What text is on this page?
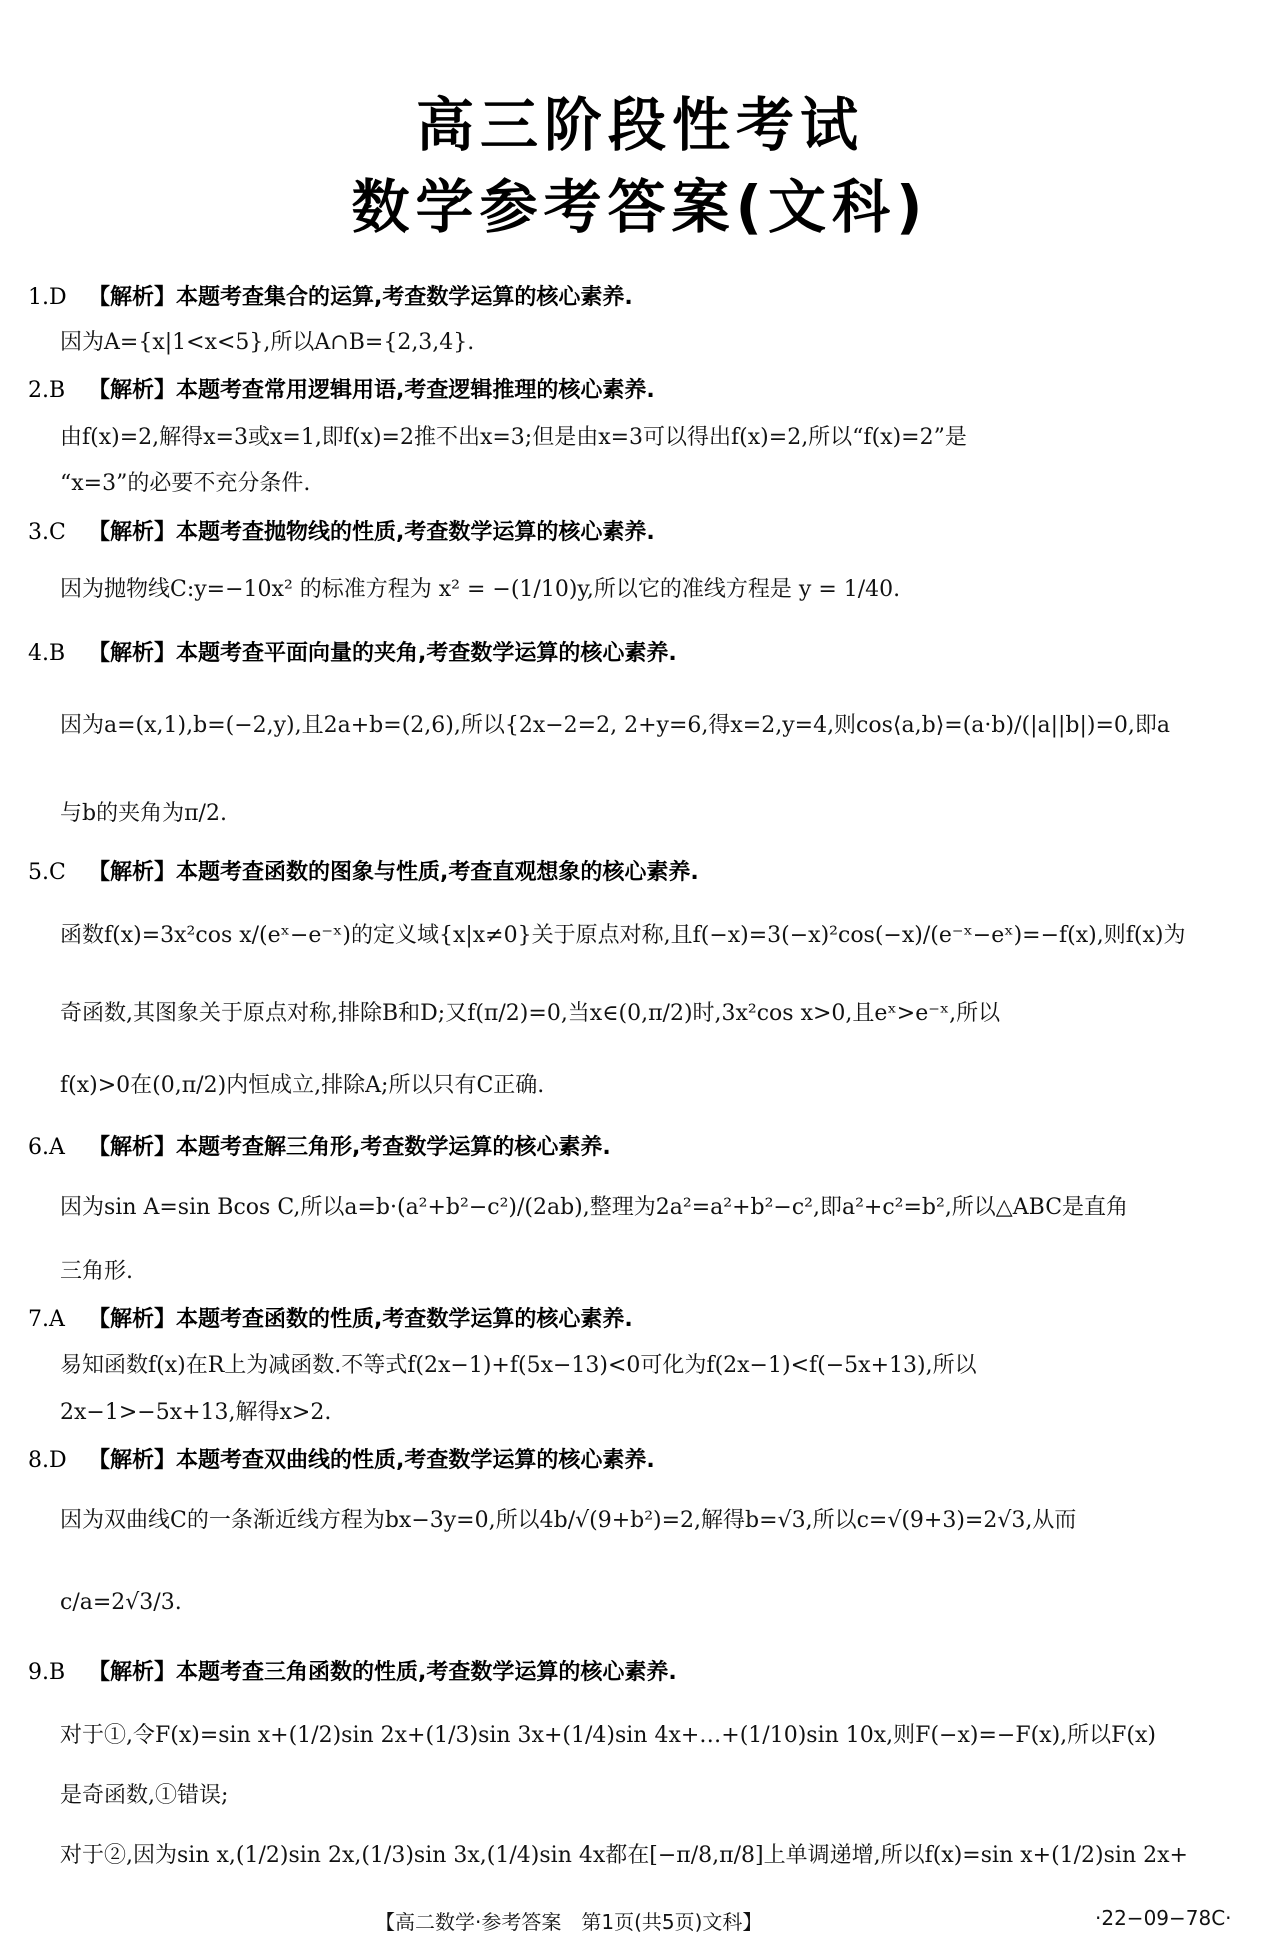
高三阶段性考试
数学参考答案(文科)
1.D 【解析】本题考查集合的运算,考查数学运算的核心素养.
因为A={x|1<x<5},所以A∩B={2,3,4}.
2.B 【解析】本题考查常用逻辑用语,考查逻辑推理的核心素养.
由f(x)=2,解得x=3或x=1,即f(x)=2推不出x=3;但是由x=3可以得出f(x)=2,所以“f(x)=2”是
“x=3”的必要不充分条件.
3.C 【解析】本题考查抛物线的性质,考查数学运算的核心素养.
因为抛物线C:y=−10x² 的标准方程为 x² = −(1/10)y,所以它的准线方程是 y = 1/40.
4.B 【解析】本题考查平面向量的夹角,考查数学运算的核心素养.
因为a=(x,1),b=(−2,y),且2a+b=(2,6),所以{2x−2=2, 2+y=6,得x=2,y=4,则cos⟨a,b⟩=(a·b)/(|a||b|)=0,即a
与b的夹角为π/2.
5.C 【解析】本题考查函数的图象与性质,考查直观想象的核心素养.
函数f(x)=3x²cos x/(eˣ−e⁻ˣ)的定义域{x|x≠0}关于原点对称,且f(−x)=3(−x)²cos(−x)/(e⁻ˣ−eˣ)=−f(x),则f(x)为
奇函数,其图象关于原点对称,排除B和D;又f(π/2)=0,当x∈(0,π/2)时,3x²cos x>0,且eˣ>e⁻ˣ,所以
f(x)>0在(0,π/2)内恒成立,排除A;所以只有C正确.
6.A 【解析】本题考查解三角形,考查数学运算的核心素养.
因为sin A=sin Bcos C,所以a=b·(a²+b²−c²)/(2ab),整理为2a²=a²+b²−c²,即a²+c²=b²,所以△ABC是直角
三角形.
7.A 【解析】本题考查函数的性质,考查数学运算的核心素养.
易知函数f(x)在R上为减函数.不等式f(2x−1)+f(5x−13)<0可化为f(2x−1)<f(−5x+13),所以
2x−1>−5x+13,解得x>2.
8.D 【解析】本题考查双曲线的性质,考查数学运算的核心素养.
因为双曲线C的一条渐近线方程为bx−3y=0,所以4b/√(9+b²)=2,解得b=√3,所以c=√(9+3)=2√3,从而
c/a=2√3/3.
9.B 【解析】本题考查三角函数的性质,考查数学运算的核心素养.
对于①,令F(x)=sin x+(1/2)sin 2x+(1/3)sin 3x+(1/4)sin 4x+…+(1/10)sin 10x,则F(−x)=−F(x),所以F(x)
是奇函数,①错误;
对于②,因为sin x,(1/2)sin 2x,(1/3)sin 3x,(1/4)sin 4x都在[−π/8,π/8]上单调递增,所以f(x)=sin x+(1/2)sin 2x+
【高二数学·参考答案　第1页(共5页)文科】	·22−09−78C·
